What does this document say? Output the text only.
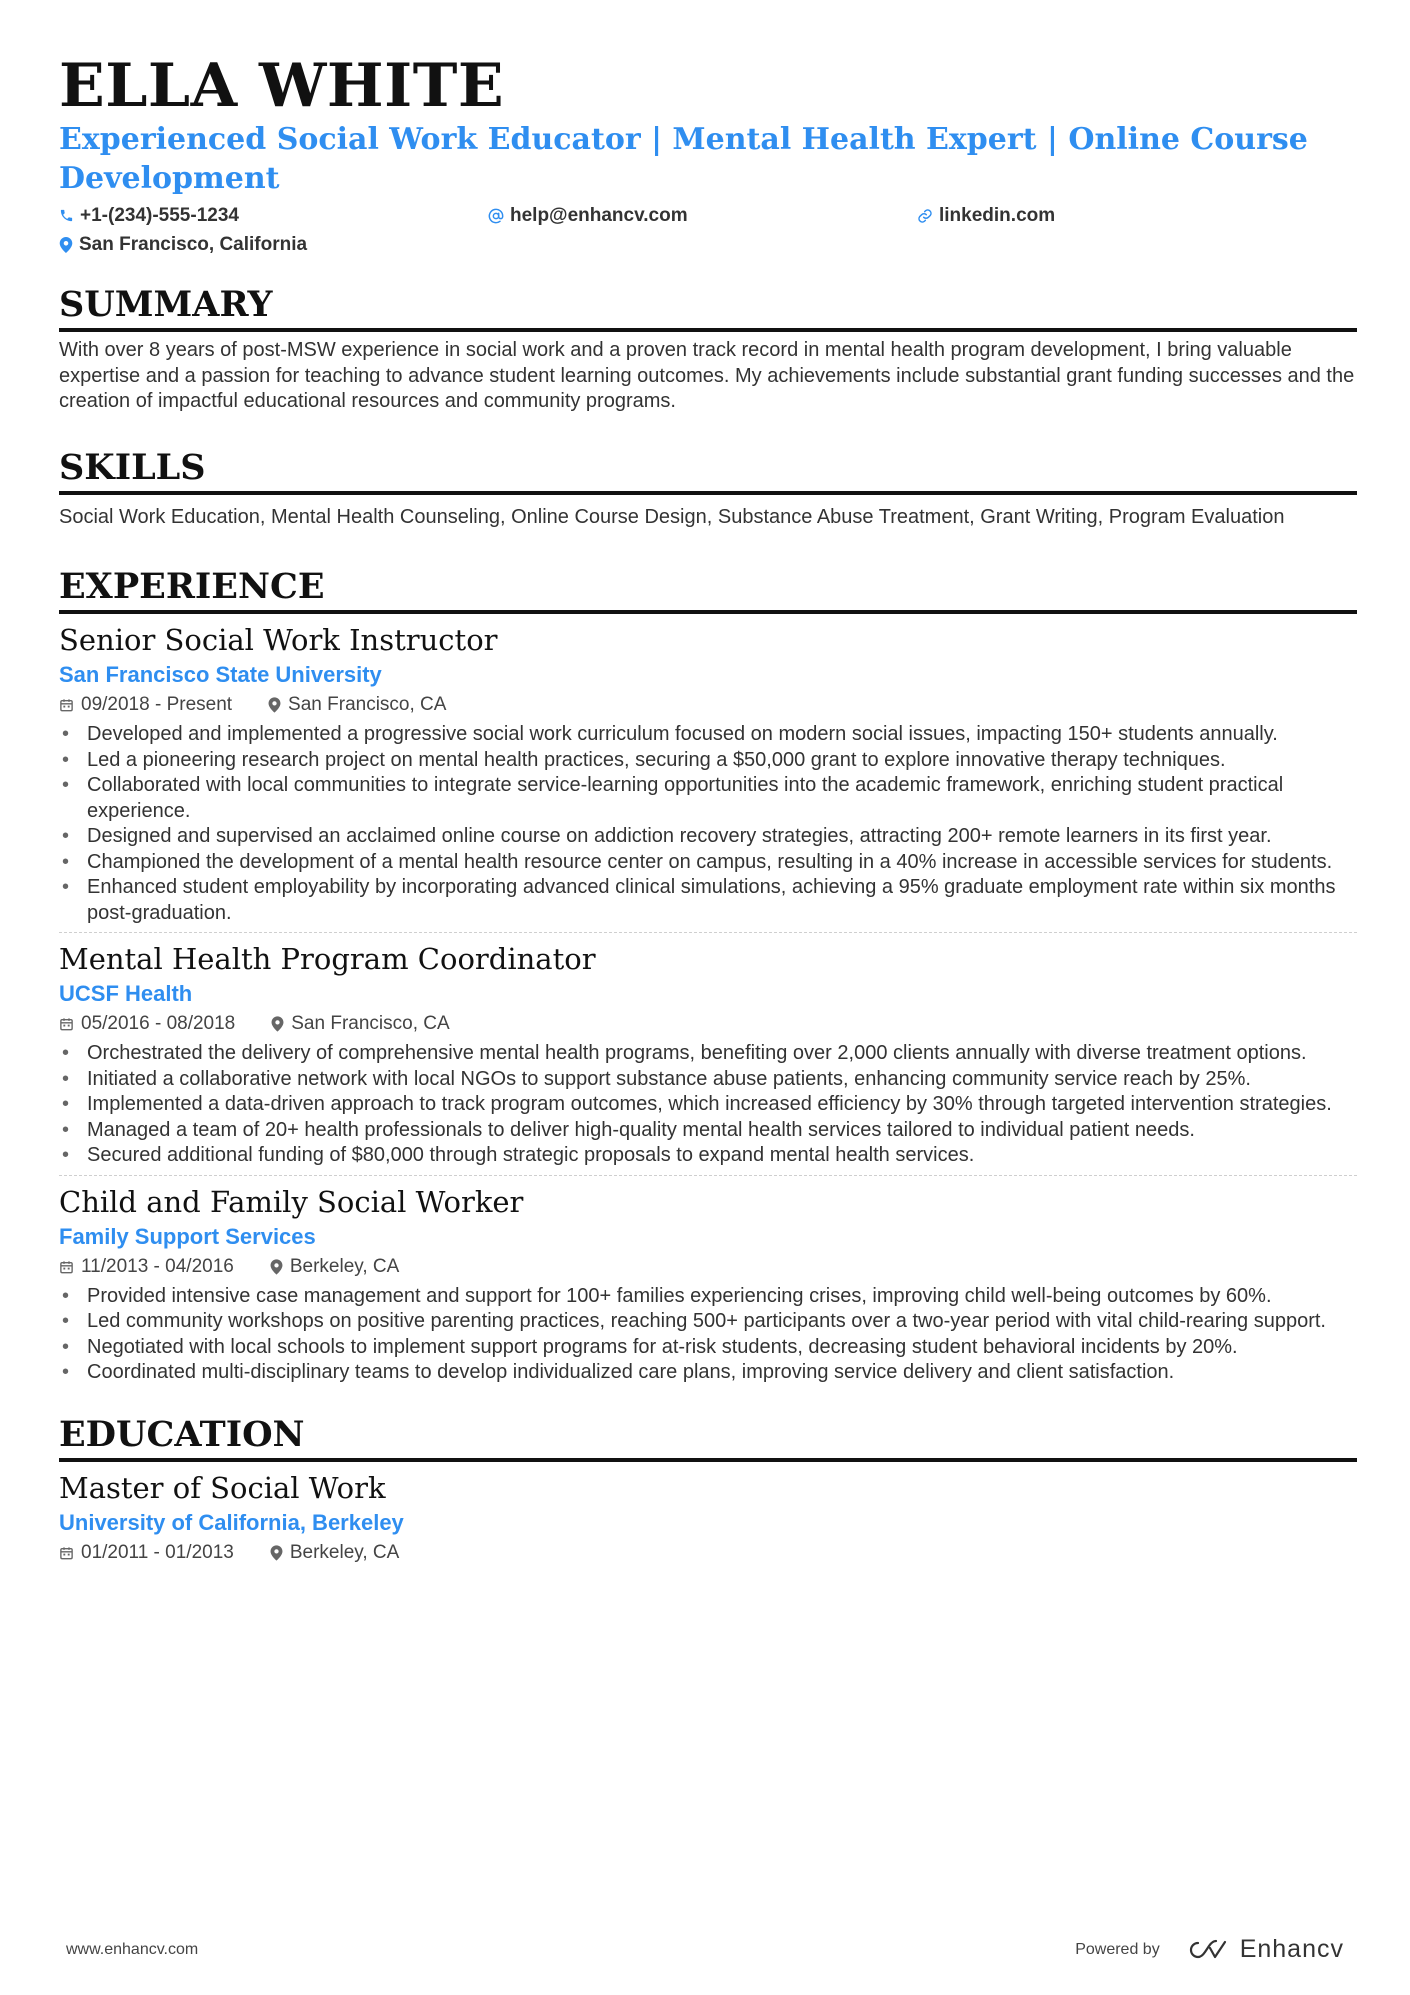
ELLA WHITE
Experienced Social Work Educator | Mental Health Expert | Online Course Development
+1-(234)-555-1234	help@enhancv.com	linkedin.com
San Francisco, California
SUMMARY
With over 8 years of post-MSW experience in social work and a proven track record in mental health program development, I bring valuable expertise and a passion for teaching to advance student learning outcomes. My achievements include substantial grant funding successes and the creation of impactful educational resources and community programs.
SKILLS
Social Work Education, Mental Health Counseling, Online Course Design, Substance Abuse Treatment, Grant Writing, Program Evaluation
EXPERIENCE
Senior Social Work Instructor
San Francisco State University
09/2018 - Present	San Francisco, CA
• Developed and implemented a progressive social work curriculum focused on modern social issues, impacting 150+ students annually.
• Led a pioneering research project on mental health practices, securing a $50,000 grant to explore innovative therapy techniques.
• Collaborated with local communities to integrate service-learning opportunities into the academic framework, enriching student practical experience.
• Designed and supervised an acclaimed online course on addiction recovery strategies, attracting 200+ remote learners in its first year.
• Championed the development of a mental health resource center on campus, resulting in a 40% increase in accessible services for students.
• Enhanced student employability by incorporating advanced clinical simulations, achieving a 95% graduate employment rate within six months post-graduation.
Mental Health Program Coordinator
UCSF Health
05/2016 - 08/2018	San Francisco, CA
• Orchestrated the delivery of comprehensive mental health programs, benefiting over 2,000 clients annually with diverse treatment options.
• Initiated a collaborative network with local NGOs to support substance abuse patients, enhancing community service reach by 25%.
• Implemented a data-driven approach to track program outcomes, which increased efficiency by 30% through targeted intervention strategies.
• Managed a team of 20+ health professionals to deliver high-quality mental health services tailored to individual patient needs.
• Secured additional funding of $80,000 through strategic proposals to expand mental health services.
Child and Family Social Worker
Family Support Services
11/2013 - 04/2016	Berkeley, CA
• Provided intensive case management and support for 100+ families experiencing crises, improving child well-being outcomes by 60%.
• Led community workshops on positive parenting practices, reaching 500+ participants over a two-year period with vital child-rearing support.
• Negotiated with local schools to implement support programs for at-risk students, decreasing student behavioral incidents by 20%.
• Coordinated multi-disciplinary teams to develop individualized care plans, improving service delivery and client satisfaction.
EDUCATION
Master of Social Work
University of California, Berkeley
01/2011 - 01/2013	Berkeley, CA
www.enhancv.com	Powered by	Enhancv
